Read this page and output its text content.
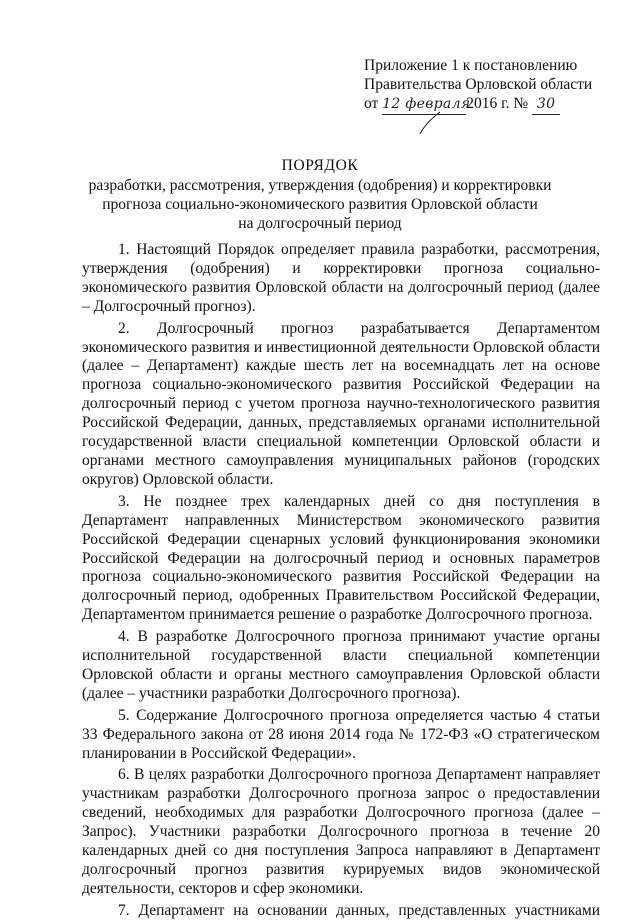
Приложение 1 к постановлению
Правительства Орловской области
от 12 февраля2016 г. № 30
ПОРЯДОК
разработки, рассмотрения, утверждения (одобрения) и корректировки
прогноза социально-экономического развития Орловской области
на долгосрочный период

1. Настоящий Порядок определяет правила разработки, рассмотрения, утверждения (одобрения) и корректировки прогноза социально-экономического развития Орловской области на долгосрочный период (далее – Долгосрочный прогноз).

2. Долгосрочный прогноз разрабатывается Департаментом экономического развития и инвестиционной деятельности Орловской области (далее – Департамент) каждые шесть лет на восемнадцать лет на основе прогноза социально-экономического развития Российской Федерации на долгосрочный период с учетом прогноза научно-технологического развития Российской Федерации, данных, представляемых органами исполнительной государственной власти специальной компетенции Орловской области и органами местного самоуправления муниципальных районов (городских округов) Орловской области.

3. Не позднее трех календарных дней со дня поступления в Департамент направленных Министерством экономического развития Российской Федерации сценарных условий функционирования экономики Российской Федерации на долгосрочный период и основных параметров прогноза социально-экономического развития Российской Федерации на долгосрочный период, одобренных Правительством Российской Федерации, Департаментом принимается решение о разработке Долгосрочного прогноза.

4. В разработке Долгосрочного прогноза принимают участие органы исполнительной государственной власти специальной компетенции Орловской области и органы местного самоуправления Орловской области (далее – участники разработки Долгосрочного прогноза).

5. Содержание Долгосрочного прогноза определяется частью 4 статьи 33 Федерального закона от 28 июня 2014 года № 172-ФЗ «О стратегическом планировании в Российской Федерации».

6. В целях разработки Долгосрочного прогноза Департамент направляет участникам разработки Долгосрочного прогноза запрос о предоставлении сведений, необходимых для разработки Долгосрочного прогноза (далее – Запрос). Участники разработки Долгосрочного прогноза в течение 20 календарных дней со дня поступления Запроса направляют в Департамент долгосрочный прогноз развития курируемых видов экономической деятельности, секторов и сфер экономики.

7. Департамент на основании данных, представленных участниками
